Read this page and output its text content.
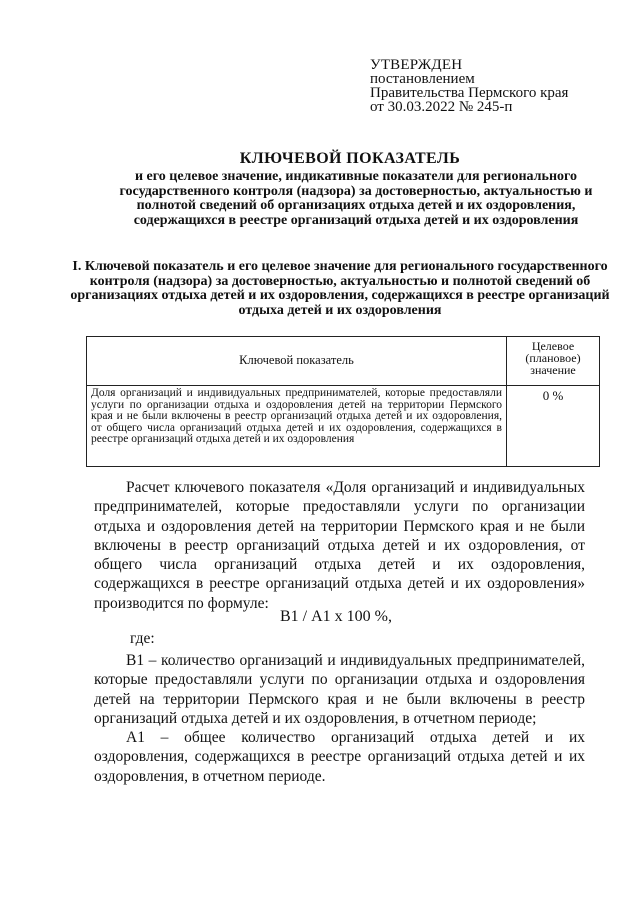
УТВЕРЖДЕН
постановлением
Правительства Пермского края
от 30.03.2022 № 245-п
КЛЮЧЕВОЙ ПОКАЗАТЕЛЬ
и его целевое значение, индикативные показатели для регионального государственного контроля (надзора) за достоверностью, актуальностью и полнотой сведений об организациях отдыха детей и их оздоровления, содержащихся в реестре организаций отдыха детей и их оздоровления
I. Ключевой показатель и его целевое значение для регионального государственного контроля (надзора) за достоверностью, актуальностью и полнотой сведений об организациях отдыха детей и их оздоровления, содержащихся в реестре организаций отдыха детей и их оздоровления
Ключевой показатель	Целевое (плановое) значение
Доля организаций и индивидуальных предпринимателей, которые предоставляли услуги по организации отдыха и оздоровления детей на территории Пермского края и не были включены в реестр организаций отдыха детей и их оздоровления, от общего числа организаций отдыха детей и их оздоровления, содержащихся в реестре организаций отдыха детей и их оздоровления	0 %
Расчет ключевого показателя «Доля организаций и индивидуальных предпринимателей, которые предоставляли услуги по организации отдыха и оздоровления детей на территории Пермского края и не были включены в реестр организаций отдыха детей и их оздоровления, от общего числа организаций отдыха детей и их оздоровления, содержащихся в реестре организаций отдыха детей и их оздоровления» производится по формуле:
В1 / А1 х 100 %,
где:
В1 – количество организаций и индивидуальных предпринимателей, которые предоставляли услуги по организации отдыха и оздоровления детей на территории Пермского края и не были включены в реестр организаций отдыха детей и их оздоровления, в отчетном периоде;
А1 – общее количество организаций отдыха детей и их оздоровления, содержащихся в реестре организаций отдыха детей и их оздоровления, в отчетном периоде.
